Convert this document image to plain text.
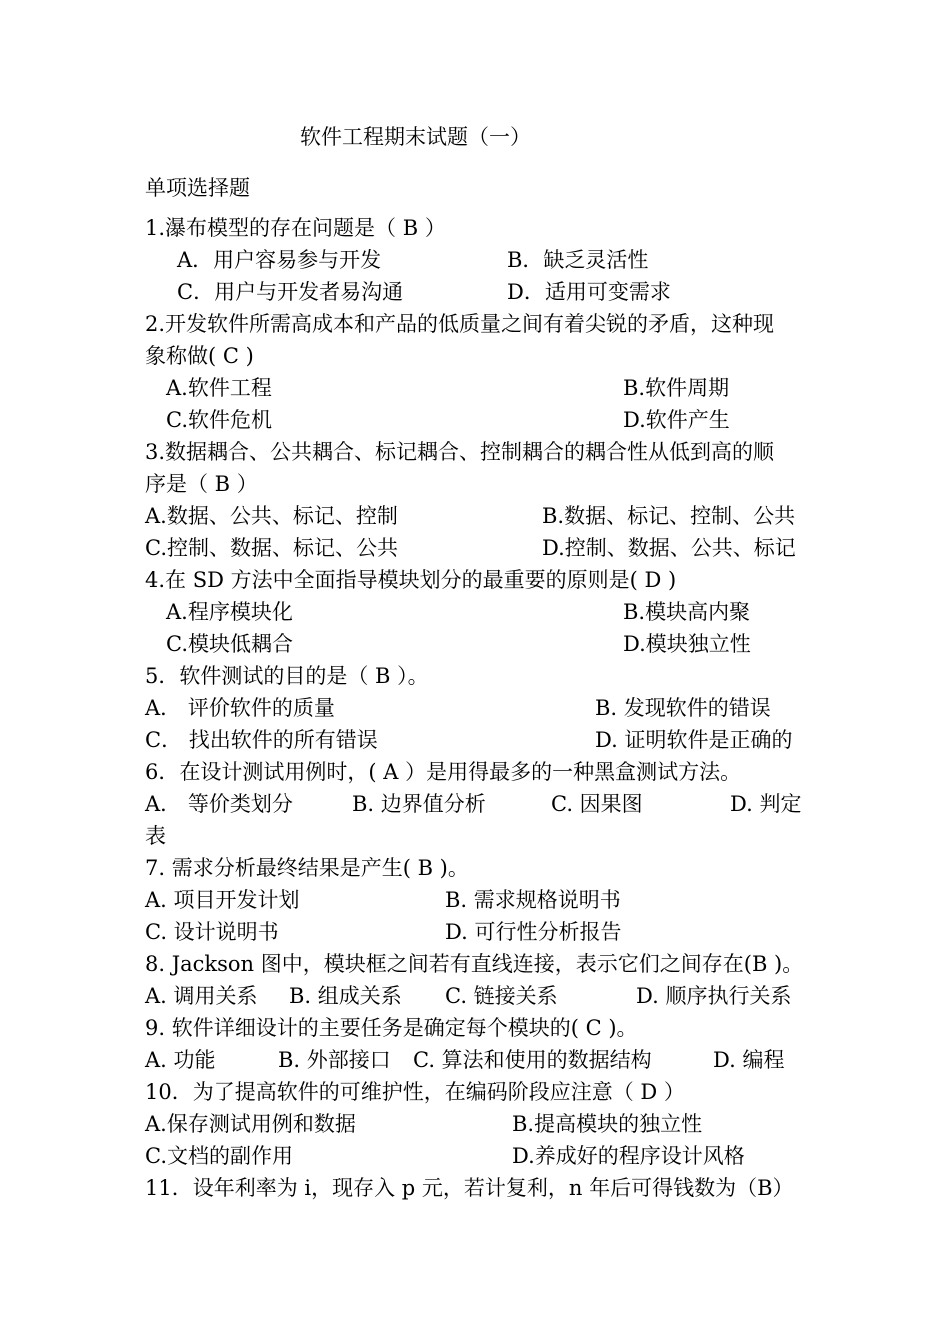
软件工程期末试题（一）
单项选择题
1.瀑布模型的存在问题是（ B ）
2.开发软件所需高成本和产品的低质量之间有着尖锐的矛盾，这种现
象称做( C )
3.数据耦合、公共耦合、标记耦合、控制耦合的耦合性从低到高的顺
序是（ B ）
4.在 SD 方法中全面指导模块划分的最重要的原则是( D )
5．软件测试的目的是（ B ）。
6．在设计测试用例时，( A ）是用得最多的一种黑盒测试方法。
表
7. 需求分析最终结果是产生( B )。
8. Jackson 图中，模块框之间若有直线连接，表示它们之间存在(B )。
9. 软件详细设计的主要任务是确定每个模块的( C )。
10．为了提高软件的可维护性，在编码阶段应注意（ D ）
11．设年利率为 i，现存入 p 元，若计复利，n 年后可得钱数为（B）
A．用户容易参与开发	B．缺乏灵活性
C．用户与开发者易沟通	D．适用可变需求
A.软件工程	B.软件周期
C.软件危机	D.软件产生
A.数据、公共、标记、控制	B.数据、标记、控制、公共
C.控制、数据、标记、公共	D.控制、数据、公共、标记
A.程序模块化	B.模块高内聚
C.模块低耦合	D.模块独立性
A． 评价软件的质量	B. 发现软件的错误
C． 找出软件的所有错误	D. 证明软件是正确的
A． 等价类划分	B. 边界值分析	C. 因果图	D. 判定
A. 项目开发计划	B. 需求规格说明书
C. 设计说明书	D. 可行性分析报告
A. 调用关系 B. 组成关系 C. 链接关系	D. 顺序执行关系
A. 功能	B. 外部接口 C. 算法和使用的数据结构	D. 编程
A.保存测试用例和数据	B.提高模块的独立性
C.文档的副作用	D.养成好的程序设计风格
